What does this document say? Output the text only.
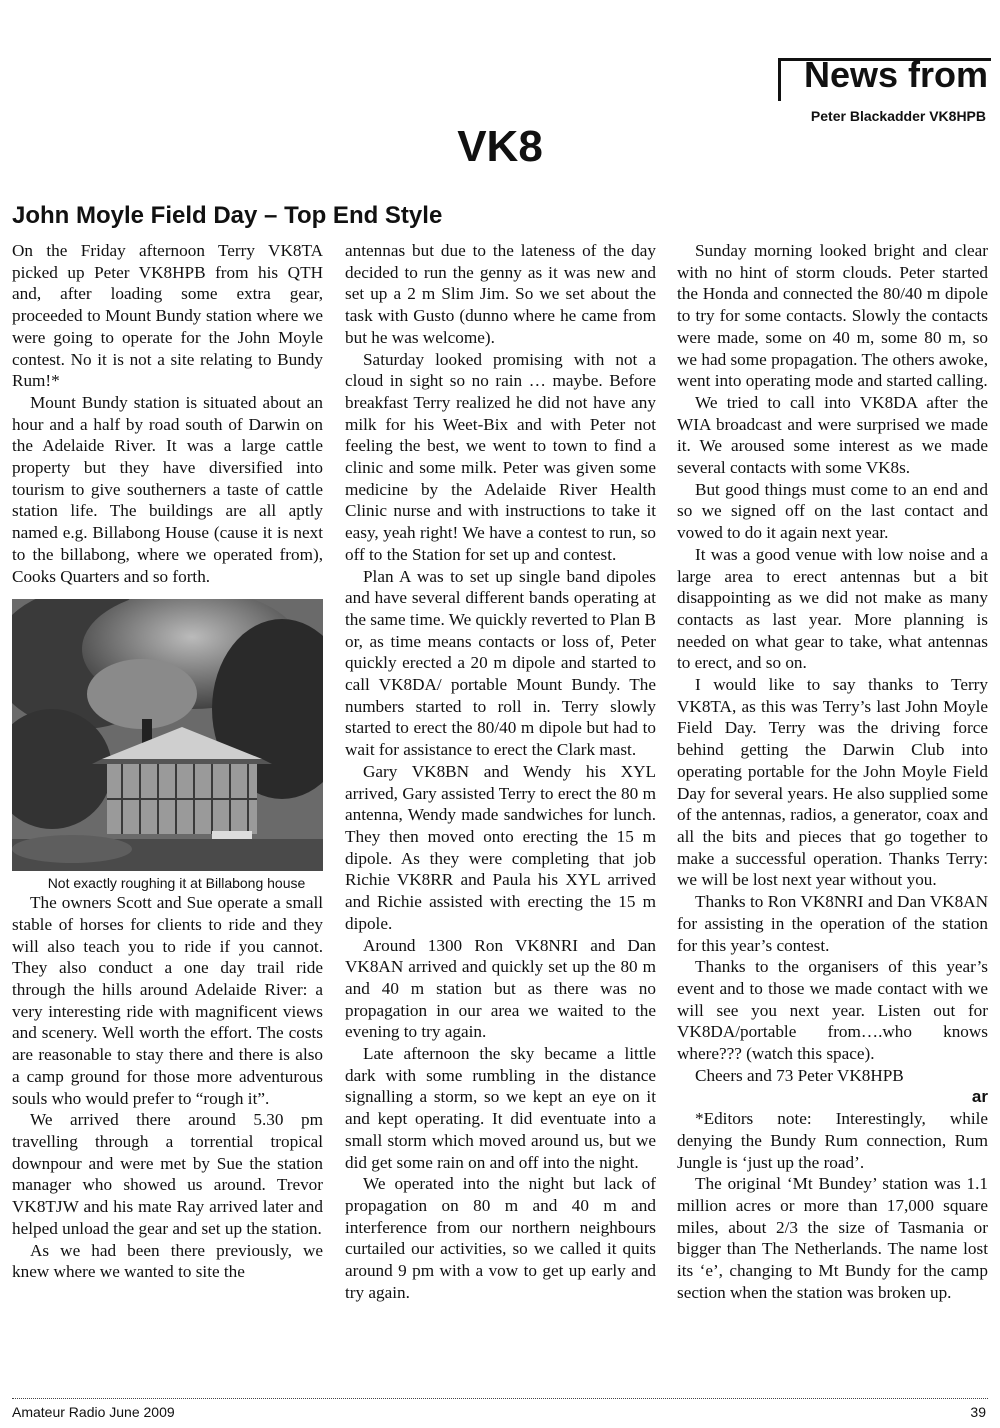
News from

Peter Blackadder VK8HPB

VK8
John Moyle Field Day – Top End Style

On the Friday afternoon Terry VK8TA picked up Peter VK8HPB from his QTH and, after loading some extra gear, proceeded to Mount Bundy station where we were going to operate for the John Moyle contest. No it is not a site relating to Bundy Rum!*

Mount Bundy station is situated about an hour and a half by road south of Darwin on the Adelaide River. It was a large cattle property but they have diversified into tourism to give southerners a taste of cattle station life. The buildings are all aptly named e.g. Billabong House (cause it is next to the billabong, where we operated from), Cooks Quarters and so forth.

Not exactly roughing it at Billabong house

The owners Scott and Sue operate a small stable of horses for clients to ride and they will also teach you to ride if you cannot. They also conduct a one day trail ride through the hills around Adelaide River: a very interesting ride with magnificent views and scenery. Well worth the effort. The costs are reasonable to stay there and there is also a camp ground for those more adventurous souls who would prefer to “rough it”.

We arrived there around 5.30 pm travelling through a torrential tropical downpour and were met by Sue the station manager who showed us around. Trevor VK8TJW and his mate Ray arrived later and helped unload the gear and set up the station.

As we had been there previously, we knew where we wanted to site the

antennas but due to the lateness of the day decided to run the genny as it was new and set up a 2 m Slim Jim. So we set about the task with Gusto (dunno where he came from but he was welcome).

Saturday looked promising with not a cloud in sight so no rain … maybe. Before breakfast Terry realized he did not have any milk for his Weet-Bix and with Peter not feeling the best, we went to town to find a clinic and some milk. Peter was given some medicine by the Adelaide River Health Clinic nurse and with instructions to take it easy, yeah right! We have a contest to run, so off to the Station for set up and contest.

Plan A was to set up single band dipoles and have several different bands operating at the same time. We quickly reverted to Plan B or, as time means contacts or loss of, Peter quickly erected a 20 m dipole and started to call VK8DA/ portable Mount Bundy. The numbers started to roll in. Terry slowly started to erect the 80/40 m dipole but had to wait for assistance to erect the Clark mast.

Gary VK8BN and Wendy his XYL arrived, Gary assisted Terry to erect the 80 m antenna, Wendy made sandwiches for lunch. They then moved onto erecting the 15 m dipole. As they were completing that job Richie VK8RR and Paula his XYL arrived and Richie assisted with erecting the 15 m dipole.

Around 1300 Ron VK8NRI and Dan VK8AN arrived and quickly set up the 80 m and 40 m station but as there was no propagation in our area we waited to the evening to try again.

Late afternoon the sky became a little dark with some rumbling in the distance signalling a storm, so we kept an eye on it and kept operating. It did eventuate into a small storm which moved around us, but we did get some rain on and off into the night.

We operated into the night but lack of propagation on 80 m and 40 m and interference from our northern neighbours curtailed our activities, so we called it quits around 9 pm with a vow to get up early and try again.

Sunday morning looked bright and clear with no hint of storm clouds. Peter started the Honda and connected the 80/40 m dipole to try for some contacts. Slowly the contacts were made, some on 40 m, some 80 m, so we had some propagation. The others awoke, went into operating mode and started calling.

We tried to call into VK8DA after the WIA broadcast and were surprised we made it. We aroused some interest as we made several contacts with some VK8s.

But good things must come to an end and so we signed off on the last contact and vowed to do it again next year.

It was a good venue with low noise and a large area to erect antennas but a bit disappointing as we did not make as many contacts as last year. More planning is needed on what gear to take, what antennas to erect, and so on.

I would like to say thanks to Terry VK8TA, as this was Terry’s last John Moyle Field Day. Terry was the driving force behind getting the Darwin Club into operating portable for the John Moyle Field Day for several years. He also supplied some of the antennas, radios, a generator, coax and all the bits and pieces that go together to make a successful operation. Thanks Terry: we will be lost next year without you.

Thanks to Ron VK8NRI and Dan VK8AN for assisting in the operation of the station for this year’s contest.

Thanks to the organisers of this year’s event and to those we made contact with we will see you next year. Listen out for VK8DA/portable from….who knows where??? (watch this space).

Cheers and 73 Peter VK8HPB

ar

*Editors note: Interestingly, while denying the Bundy Rum connection, Rum Jungle is ‘just up the road’.

The original ‘Mt Bundey’ station was 1.1 million acres or more than 17,000 square miles, about 2/3 the size of Tasmania or bigger than The Netherlands. The name lost its ‘e’, changing to Mt Bundy for the camp section when the station was broken up.

Amateur Radio June 2009	39
